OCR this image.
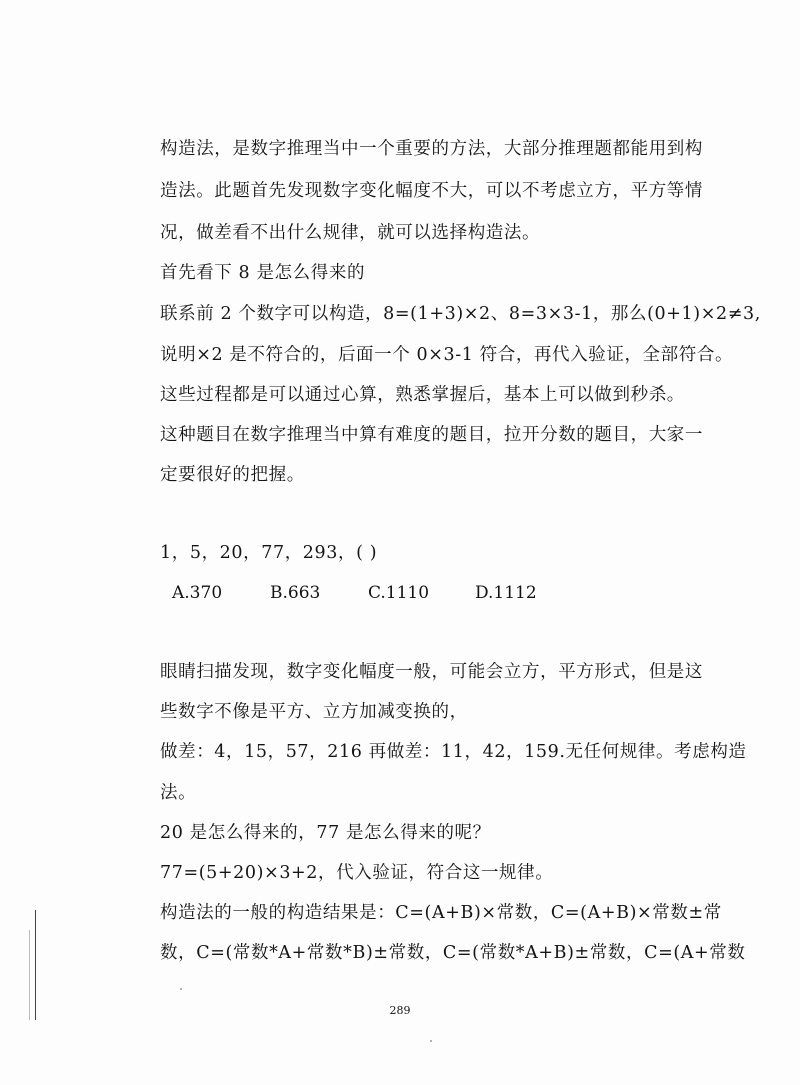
构造法，是数字推理当中一个重要的方法，大部分推理题都能用到构
造法。此题首先发现数字变化幅度不大，可以不考虑立方，平方等情
况，做差看不出什么规律，就可以选择构造法。
首先看下 8 是怎么得来的
联系前 2 个数字可以构造，8=(1+3)×2、8=3×3-1，那么(0+1)×2≠3,
说明×2 是不符合的，后面一个 0×3-1 符合，再代入验证，全部符合。
这些过程都是可以通过心算，熟悉掌握后，基本上可以做到秒杀。
这种题目在数字推理当中算有难度的题目，拉开分数的题目，大家一
定要很好的把握。
1，5，20，77，293，( )
A.370	B.663	C.1110	D.1112
眼睛扫描发现，数字变化幅度一般，可能会立方，平方形式，但是这
些数字不像是平方、立方加减变换的，
做差：4，15，57，216 再做差：11，42，159.无任何规律。考虑构造
法。
20 是怎么得来的，77 是怎么得来的呢？
77=(5+20)×3+2，代入验证，符合这一规律。
构造法的一般的构造结果是：C=(A+B)×常数，C=(A+B)×常数±常
数，C=(常数*A+常数*B)±常数，C=(常数*A+B)±常数，C=(A+常数
289
